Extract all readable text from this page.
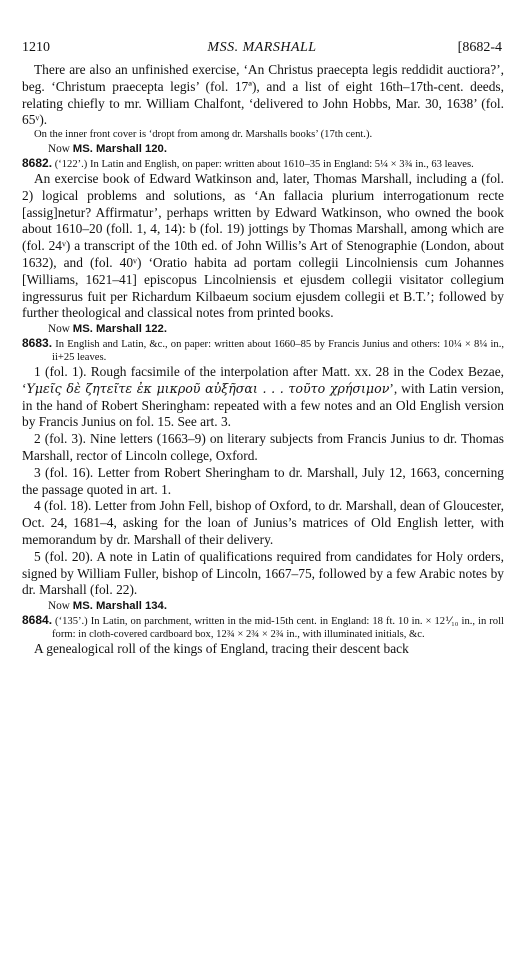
1210	MSS. MARSHALL	[8682-4

There are also an unfinished exercise, ‘An Christus praecepta legis reddidit auctiora?’, beg. ‘Christum praecepta legis’ (fol. 17ª), and a list of eight 16th–17th-cent. deeds, relating chiefly to mr. William Chalfont, ‘delivered to John Hobbs, Mar. 30, 1638’ (fol. 65ᵛ).

On the inner front cover is ‘dropt from among dr. Marshalls books’ (17th cent.).

Now MS. Marshall 120.

8682. (‘122’.) In Latin and English, on paper: written about 1610–35 in England: 5¼ × 3¾ in., 63 leaves.

An exercise book of Edward Watkinson and, later, Thomas Marshall, including a (fol. 2) logical problems and solutions, as ‘An fallacia plurium interrogationum recte [assig]netur? Affirmatur’, perhaps written by Edward Watkinson, who owned the book about 1610–20 (foll. 1, 4, 14): b (fol. 19) jottings by Thomas Marshall, among which are (fol. 24ᵛ) a transcript of the 10th ed. of John Willis’s Art of Stenographie (London, about 1632), and (fol. 40ᵛ) ‘Oratio habita ad portam collegii Lincolniensis cum Johannes [Williams, 1621–41] episcopus Lincolniensis et ejusdem collegii visitator collegium ingressurus fuit per Richardum Kilbaeum socium ejusdem collegii et B.T.’; followed by further theological and classical notes from printed books.

Now MS. Marshall 122.

8683. In English and Latin, &c., on paper: written about 1660–85 by Francis Junius and others: 10¼ × 8¼ in., ii+25 leaves.

1 (fol. 1). Rough facsimile of the interpolation after Matt. xx. 28 in the Codex Bezae, ‘Υμεῖς δὲ ζητεῖτε ἐκ μικροῦ αὐξῆσαι . . . τοῦτο χρήσιμον’, with Latin version, in the hand of Robert Sheringham: repeated with a few notes and an Old English version by Francis Junius on fol. 15. See art. 3.

2 (fol. 3). Nine letters (1663–9) on literary subjects from Francis Junius to dr. Thomas Marshall, rector of Lincoln college, Oxford.

3 (fol. 16). Letter from Robert Sheringham to dr. Marshall, July 12, 1663, concerning the passage quoted in art. 1.

4 (fol. 18). Letter from John Fell, bishop of Oxford, to dr. Marshall, dean of Gloucester, Oct. 24, 1681–4, asking for the loan of Junius’s matrices of Old English letter, with memorandum by dr. Marshall of their delivery.

5 (fol. 20). A note in Latin of qualifications required from candidates for Holy orders, signed by William Fuller, bishop of Lincoln, 1667–75, followed by a few Arabic notes by dr. Marshall (fol. 22).

Now MS. Marshall 134.

8684. (‘135’.) In Latin, on parchment, written in the mid-15th cent. in England: 18 ft. 10 in. × 12⅟₁₀ in., in roll form: in cloth-covered cardboard box, 12¾ × 2¾ × 2¾ in., with illuminated initials, &c.

A genealogical roll of the kings of England, tracing their descent back
